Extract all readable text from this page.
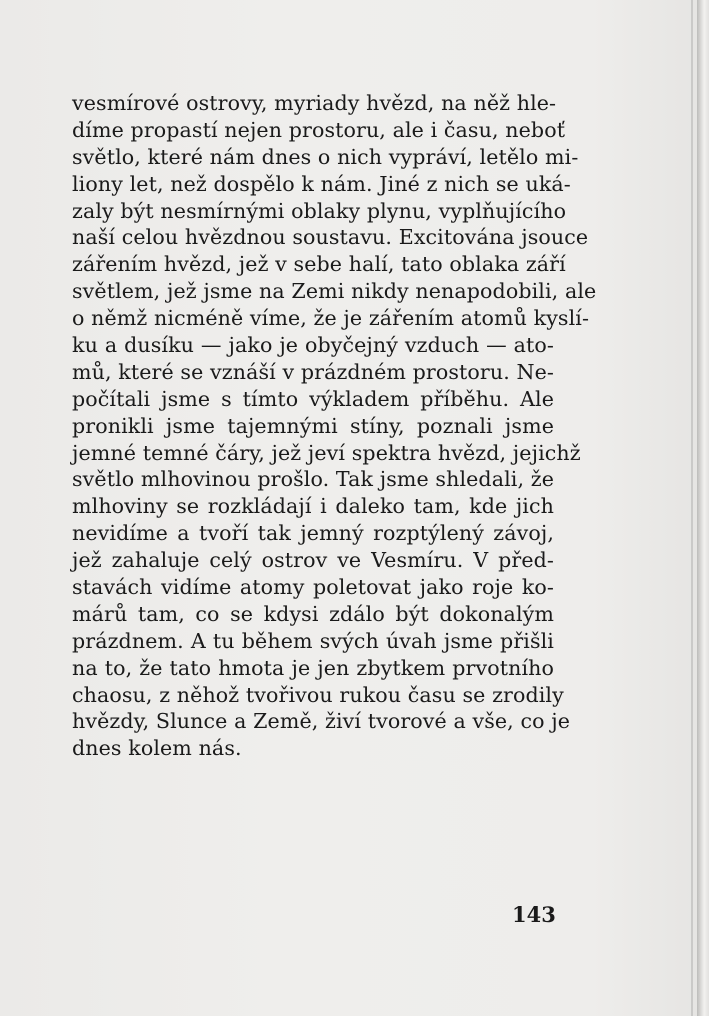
vesmírové ostrovy, myriady hvězd, na něž hle-
díme propastí nejen prostoru, ale i času, neboť
světlo, které nám dnes o nich vypráví, letělo mi-
liony let, než dospělo k nám. Jiné z nich se uká-
zaly být nesmírnými oblaky plynu, vyplňujícího
naší celou hvězdnou soustavu. Excitována jsouce
zářením hvězd, jež v sebe halí, tato oblaka září
světlem, jež jsme na Zemi nikdy nenapodobili, ale
o němž nicméně víme, že je zářením atomů kyslí-
ku a dusíku — jako je obyčejný vzduch — ato-
mů, které se vznáší v prázdném prostoru. Ne-
počítali jsme s tímto výkladem příběhu. Ale
pronikli jsme tajemnými stíny, poznali jsme
jemné temné čáry, jež jeví spektra hvězd, jejichž
světlo mlhovinou prošlo. Tak jsme shledali, že
mlhoviny se rozkládají i daleko tam, kde jich
nevidíme a tvoří tak jemný rozptýlený závoj,
jež zahaluje celý ostrov ve Vesmíru. V před-
stavách vidíme atomy poletovat jako roje ko-
márů tam, co se kdysi zdálo být dokonalým
prázdnem. A tu během svých úvah jsme přišli
na to, že tato hmota je jen zbytkem prvotního
chaosu, z něhož tvořivou rukou času se zrodily
hvězdy, Slunce a Země, živí tvorové a vše, co je
dnes kolem nás.
143
